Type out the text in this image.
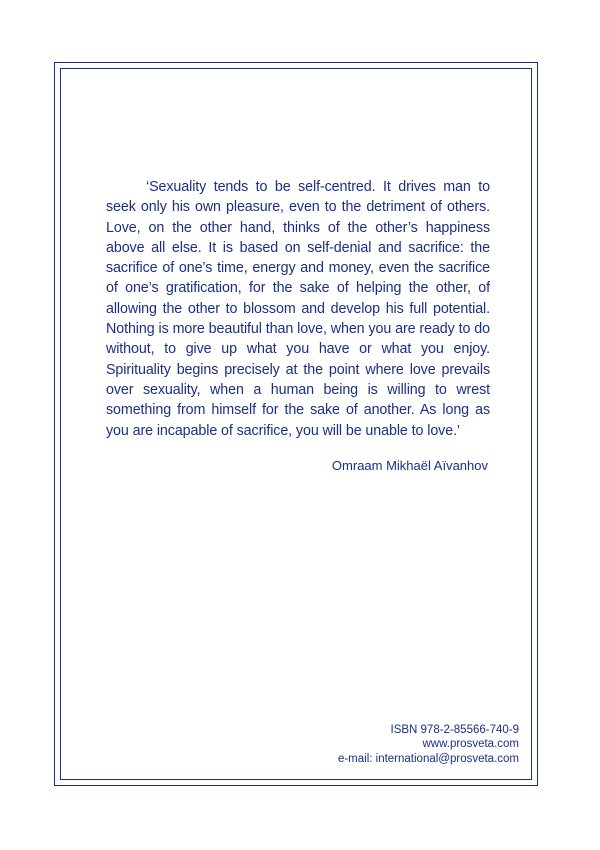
‘Sexuality tends to be self-centred. It drives man to seek only his own pleasure, even to the detriment of others. Love, on the other hand, thinks of the other’s happiness above all else. It is based on self-denial and sacrifice: the sacrifice of one’s time, energy and money, even the sacrifice of one’s gratification, for the sake of helping the other, of allowing the other to blossom and develop his full potential. Nothing is more beautiful than love, when you are ready to do without, to give up what you have or what you enjoy. Spirituality begins precisely at the point where love prevails over sexuality, when a human being is willing to wrest something from himself for the sake of another. As long as you are incapable of sacrifice, you will be unable to love.’

Omraam Mikhaël Aïvanhov
ISBN 978-2-85566-740-9
www.prosveta.com
e-mail: international@prosveta.com
